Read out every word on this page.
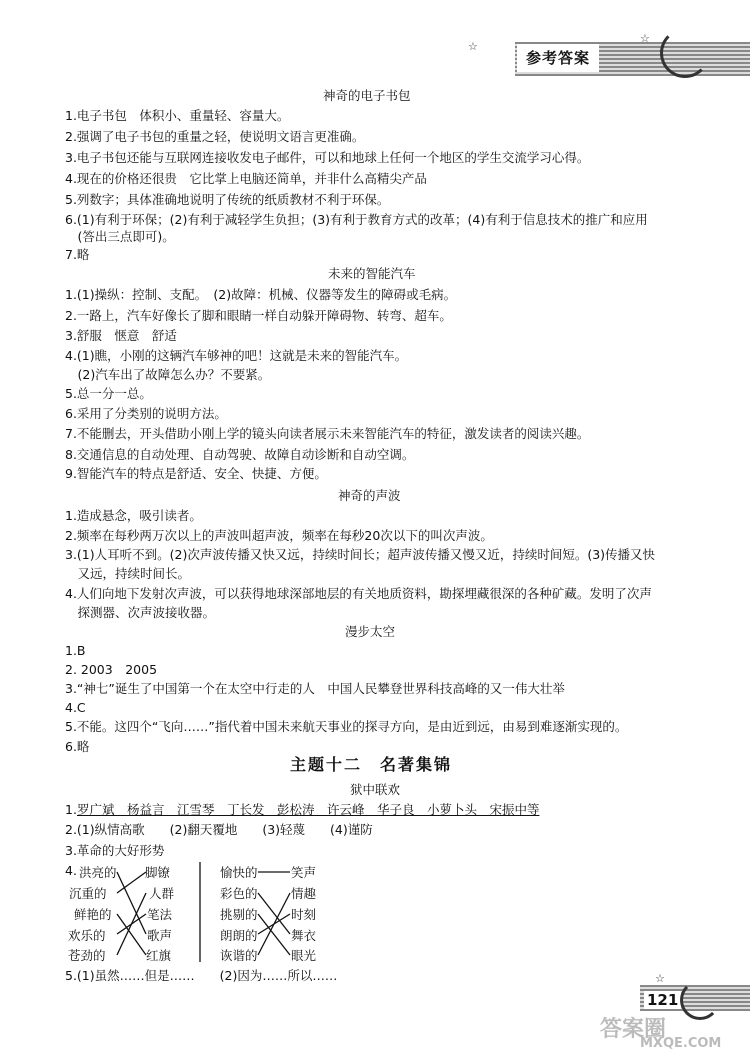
参考答案
☆
☆
神奇的电子书包
1.电子书包　体积小、重量轻、容量大。
2.强调了电子书包的重量之轻，使说明文语言更准确。
3.电子书包还能与互联网连接收发电子邮件，可以和地球上任何一个地区的学生交流学习心得。
4.现在的价格还很贵　它比掌上电脑还简单，并非什么高精尖产品
5.列数字；具体准确地说明了传统的纸质教材不利于环保。
6.(1)有利于环保；(2)有利于减轻学生负担；(3)有利于教育方式的改革；(4)有利于信息技术的推广和应用
　(答出三点即可)。
7.略
未来的智能汽车
1.(1)操纵：控制、支配。　(2)故障：机械、仪器等发生的障碍或毛病。
2.一路上，汽车好像长了脚和眼睛一样自动躲开障碍物、转弯、超车。
3.舒服　惬意　舒适
4.(1)瞧，小刚的这辆汽车够神的吧！这就是未来的智能汽车。
　(2)汽车出了故障怎么办？不要紧。
5.总一分一总。
6.采用了分类别的说明方法。
7.不能删去，开头借助小刚上学的镜头向读者展示未来智能汽车的特征，激发读者的阅读兴趣。
8.交通信息的自动处理、自动驾驶、故障自动诊断和自动空调。
9.智能汽车的特点是舒适、安全、快捷、方便。
神奇的声波
1.造成悬念，吸引读者。
2.频率在每秒两万次以上的声波叫超声波，频率在每秒20次以下的叫次声波。
3.(1)人耳听不到。(2)次声波传播又快又远，持续时间长；超声波传播又慢又近，持续时间短。(3)传播又快
　又远，持续时间长。
4.人们向地下发射次声波，可以获得地球深部地层的有关地质资料，勘探埋藏很深的各种矿藏。发明了次声
　探测器、次声波接收器。
漫步太空
1.B
2. 2003　2005
3.“神七”诞生了中国第一个在太空中行走的人　中国人民攀登世界科技高峰的又一伟大壮举
4.C
5.不能。这四个“飞向……”指代着中国未来航天事业的探寻方向，是由近到远，由易到难逐渐实现的。
6.略
主题十二　名著集锦
狱中联欢
1.罗广斌　杨益言　江雪琴　丁长发　彭松涛　许云峰　华子良　小萝卜头　宋振中等
2.(1)纵情高歌　　(2)翻天覆地　　(3)轻蔑　　(4)谨防
3.革命的大好形势
4. 洪亮的
沉重的
鲜艳的
欢乐的
苍劲的
脚镣
人群
笔法
歌声
红旗
愉快的
彩色的
挑剔的
朗朗的
诙谐的
笑声
情趣
时刻
舞衣
眼光
5.(1)虽然……但是……　　(2)因为……所以……	☆
121
答案圈
MXQE.COM
